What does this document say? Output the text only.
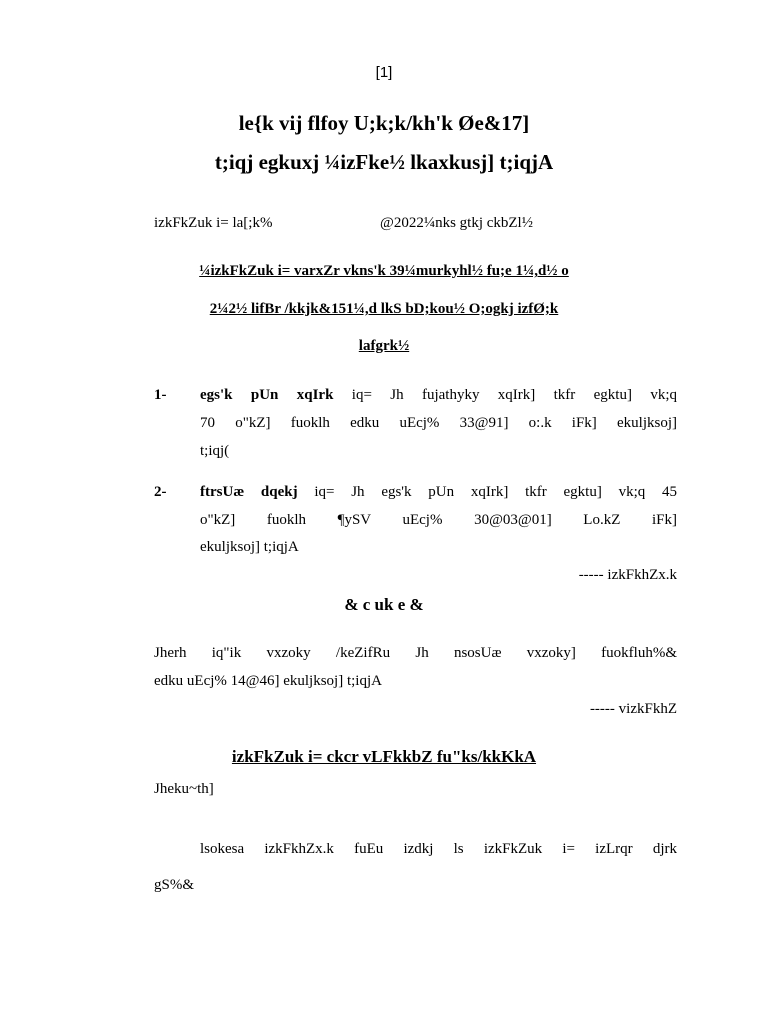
[1]
le{k vij flfoy U;k;k/kh'k Øe&17]
t;iqj egkuxj ¼izFke½ lkaxkusj] t;iqjA
izkFkZuk i= la[;k%	@2022¼nks gtkj ckbZl½
¼izkFkZuk i= varxZr vkns'k 39¼murkyhl½ fu;e 1¼,d½ o
2¼2½ lifBr /kkjk&151¼,d lkS bD;kou½ O;ogkj izfØ;k
lafgrk½
1- egs'k pUn xqIrk iq= Jh fujathyky xqIrk] tkfr egktu] vk;q
70 o"kZ] fuoklh edku uEcj% 33@91] o:.k iFk] ekuljksoj]
t;iqj(
2- ftrsUæ dqekj iq= Jh egs'k pUn xqIrk] tkfr egktu] vk;q 45
o"kZ] fuoklh ¶ySV uEcj% 30@03@01] Lo.kZ iFk]
ekuljksoj] t;iqjA
----- izkFkhZx.k
& c uk e &
Jherh iq"ik vxzoky /keZifRu Jh nsosUæ vxzoky] fuokfluh%&
edku uEcj% 14@46] ekuljksoj] t;iqjA
----- vizkFkhZ
izkFkZuk i= ckcr vLFkkbZ fu"ks/kkKkA
Jheku~th]
lsokesa izkFkhZx.k fuEu izdkj ls izkFkZuk i= izLrqr djrk
gS%&
